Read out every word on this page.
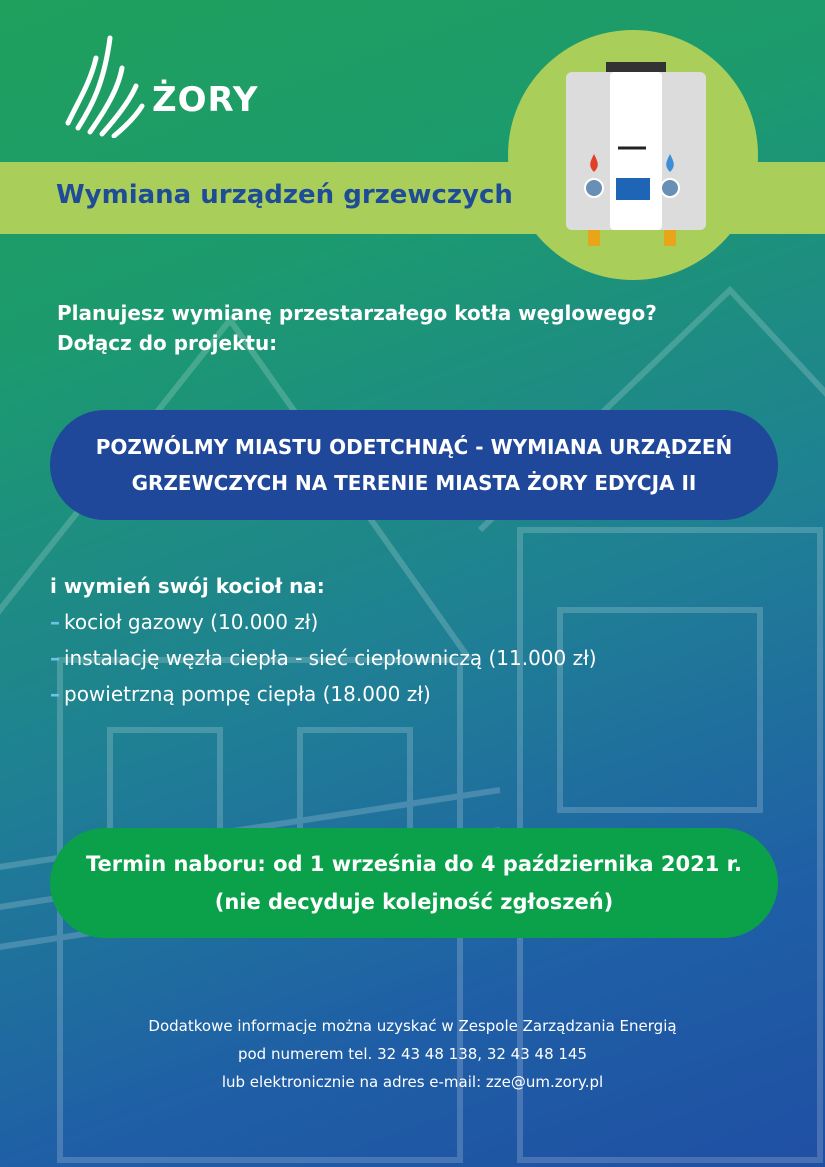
ŻORY
Wymiana urządzeń grzewczych
Planujesz wymianę przestarzałego kotła węglowego?
Dołącz do projektu:
POZWÓLMY MIASTU ODETCHNĄĆ - WYMIANA URZĄDZEŃ
GRZEWCZYCH NA TERENIE MIASTA ŻORY EDYCJA II
i wymień swój kocioł na:
– kocioł gazowy (10.000 zł)
– instalację węzła ciepła - sieć ciepłowniczą (11.000 zł)
– powietrzną pompę ciepła (18.000 zł)
Termin naboru: od 1 września do 4 października 2021 r.
(nie decyduje kolejność zgłoszeń)
Dodatkowe informacje można uzyskać w Zespole Zarządzania Energią
pod numerem tel. 32 43 48 138, 32 43 48 145
lub elektronicznie na adres e-mail: zze@um.zory.pl
